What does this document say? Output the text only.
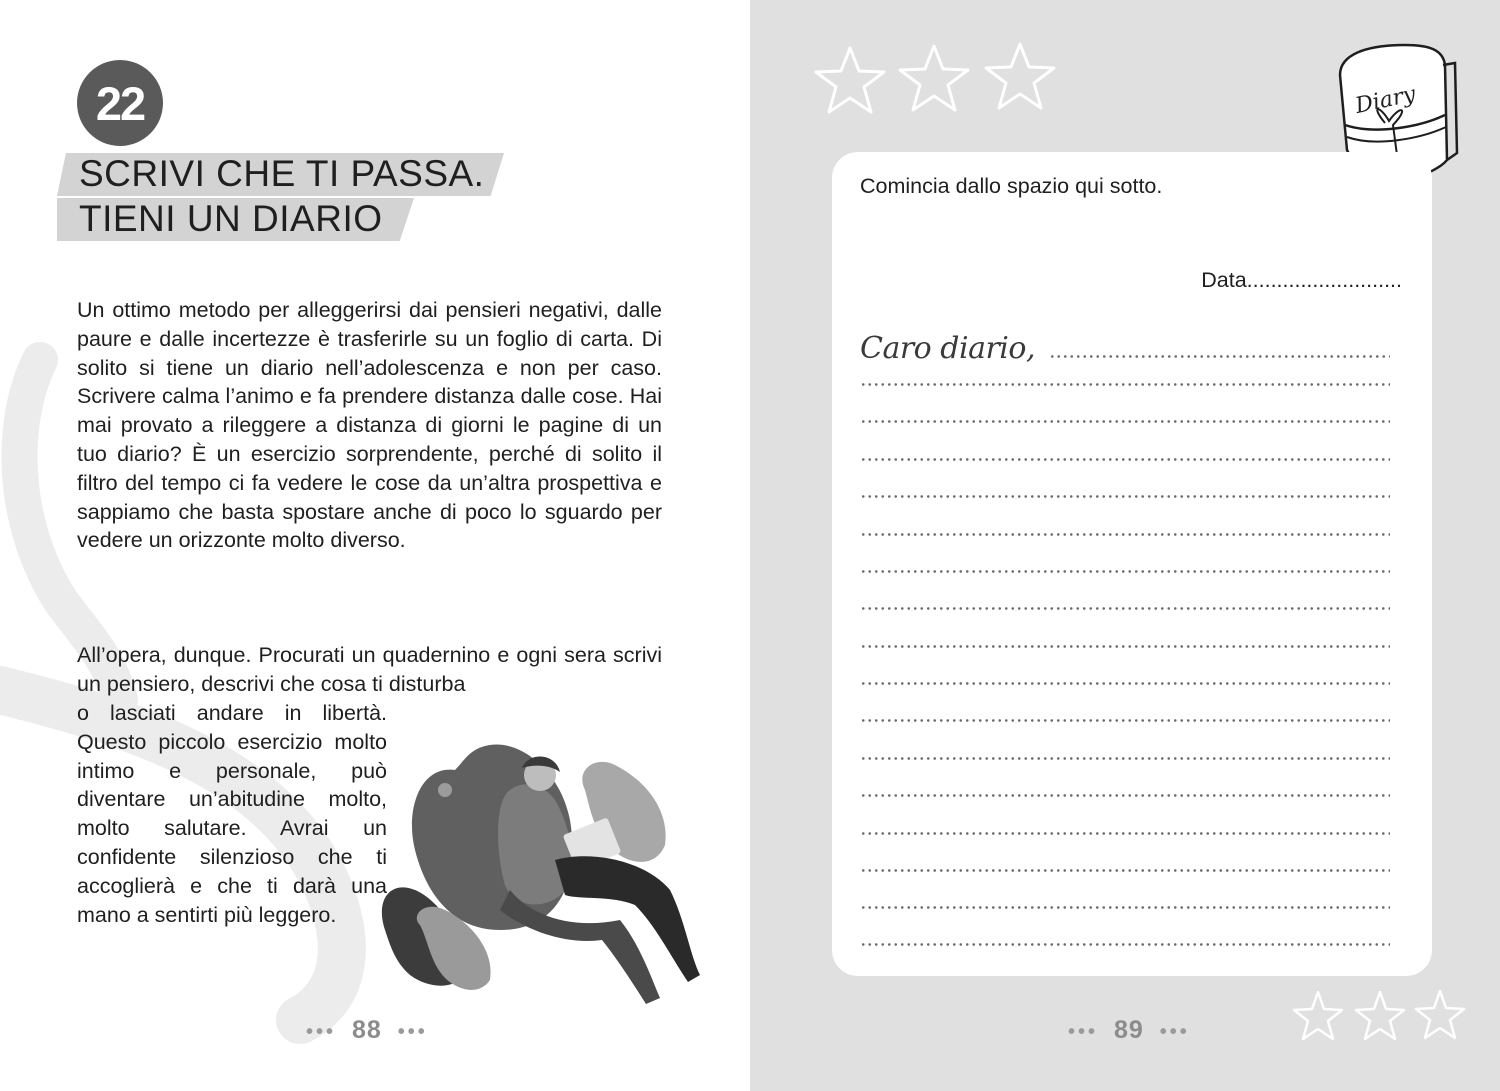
22
SCRIVI CHE TI PASSA.
TIENI UN DIARIO
Un ottimo metodo per alleggerirsi dai pensieri negativi, dalle paure e dalle incertezze è trasferirle su un foglio di carta. Di solito si tiene un diario nell’adolescenza e non per caso. Scrivere calma l’animo e fa prendere distanza dalle cose. Hai mai provato a rileggere a distanza di giorni le pagine di un tuo diario? È un esercizio sorprendente, perché di solito il filtro del tempo ci fa vedere le cose da un’altra prospettiva e sappiamo che basta spostare anche di poco lo sguardo per vedere un orizzonte molto diverso.
All’opera, dunque. Procurati un quadernino e ogni sera scrivi un pensiero, descrivi che cosa ti disturba
o lasciati andare in libertà. Questo piccolo esercizio molto intimo e personale, può diventare un’abitudine molto, molto salutare. Avrai un confidente silenzioso che ti accoglierà e che ti darà una mano a sentirti più leggero.
••• 88 •••
Diary
Comincia dallo spazio qui sotto.
Data..........................
Caro diario,
••• 89 •••
